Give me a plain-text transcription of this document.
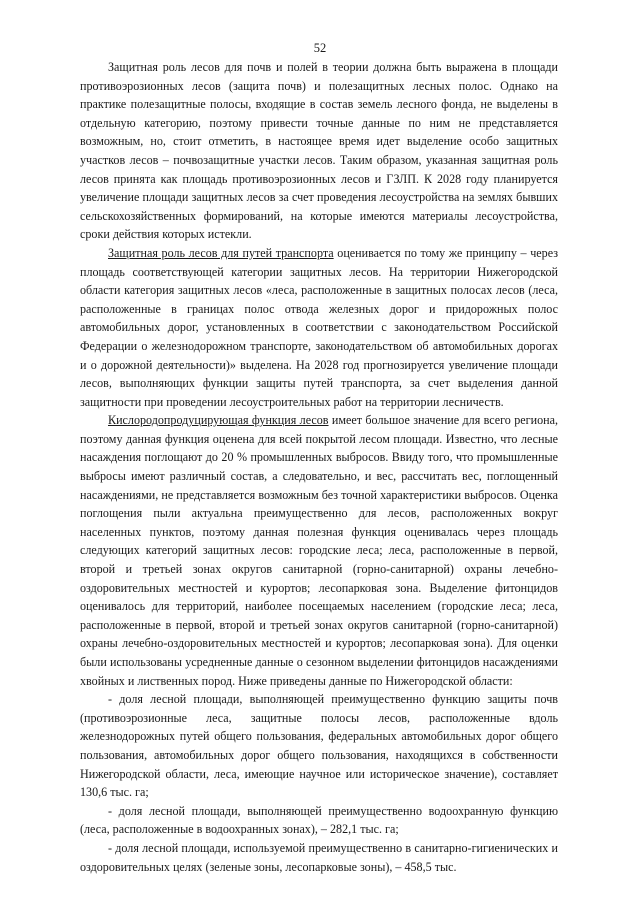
52

Защитная роль лесов для почв и полей в теории должна быть выражена в площади противоэрозионных лесов (защита почв) и полезащитных лесных полос. Однако на практике полезащитные полосы, входящие в состав земель лесного фонда, не выделены в отдельную категорию, поэтому привести точные данные по ним не представляется возможным, но, стоит отметить, в настоящее время идет выделение особо защитных участков лесов – почвозащитные участки лесов. Таким образом, указанная защитная роль лесов принята как площадь противоэрозионных лесов и ГЗЛП. К 2028 году планируется увеличение площади защитных лесов за счет проведения лесоустройства на землях бывших сельскохозяйственных формирований, на которые имеются материалы лесоустройства, сроки действия которых истекли.

Защитная роль лесов для путей транспорта оценивается по тому же принципу – через площадь соответствующей категории защитных лесов. На территории Нижегородской области категория защитных лесов «леса, расположенные в защитных полосах лесов (леса, расположенные в границах полос отвода железных дорог и придорожных полос автомобильных дорог, установленных в соответствии с законодательством Российской Федерации о железнодорожном транспорте, законодательством об автомобильных дорогах и о дорожной деятельности)» выделена. На 2028 год прогнозируется увеличение площади лесов, выполняющих функции защиты путей транспорта, за счет выделения данной защитности при проведении лесоустроительных работ на территории лесничеств.

Кислородопродуцирующая функция лесов имеет большое значение для всего региона, поэтому данная функция оценена для всей покрытой лесом площади. Известно, что лесные насаждения поглощают до 20 % промышленных выбросов. Ввиду того, что промышленные выбросы имеют различный состав, а следовательно, и вес, рассчитать вес, поглощенный насаждениями, не представляется возможным без точной характеристики выбросов. Оценка поглощения пыли актуальна преимущественно для лесов, расположенных вокруг населенных пунктов, поэтому данная полезная функция оценивалась через площадь следующих категорий защитных лесов: городские леса; леса, расположенные в первой, второй и третьей зонах округов санитарной (горно-санитарной) охраны лечебно-оздоровительных местностей и курортов; лесопарковая зона. Выделение фитонцидов оценивалось для территорий, наиболее посещаемых населением (городские леса; леса, расположенные в первой, второй и третьей зонах округов санитарной (горно-санитарной) охраны лечебно-оздоровительных местностей и курортов; лесопарковая зона). Для оценки были использованы усредненные данные о сезонном выделении фитонцидов насаждениями хвойных и лиственных пород. Ниже приведены данные по Нижегородской области:

- доля лесной площади, выполняющей преимущественно функцию защиты почв (противоэрозионные леса, защитные полосы лесов, расположенные вдоль железнодорожных путей общего пользования, федеральных автомобильных дорог общего пользования, автомобильных дорог общего пользования, находящихся в собственности Нижегородской области, леса, имеющие научное или историческое значение), составляет 130,6 тыс. га;

- доля лесной площади, выполняющей преимущественно водоохранную функцию (леса, расположенные в водоохранных зонах), – 282,1 тыс. га;

- доля лесной площади, используемой преимущественно в санитарно-гигиенических и оздоровительных целях (зеленые зоны, лесопарковые зоны), – 458,5 тыс.
